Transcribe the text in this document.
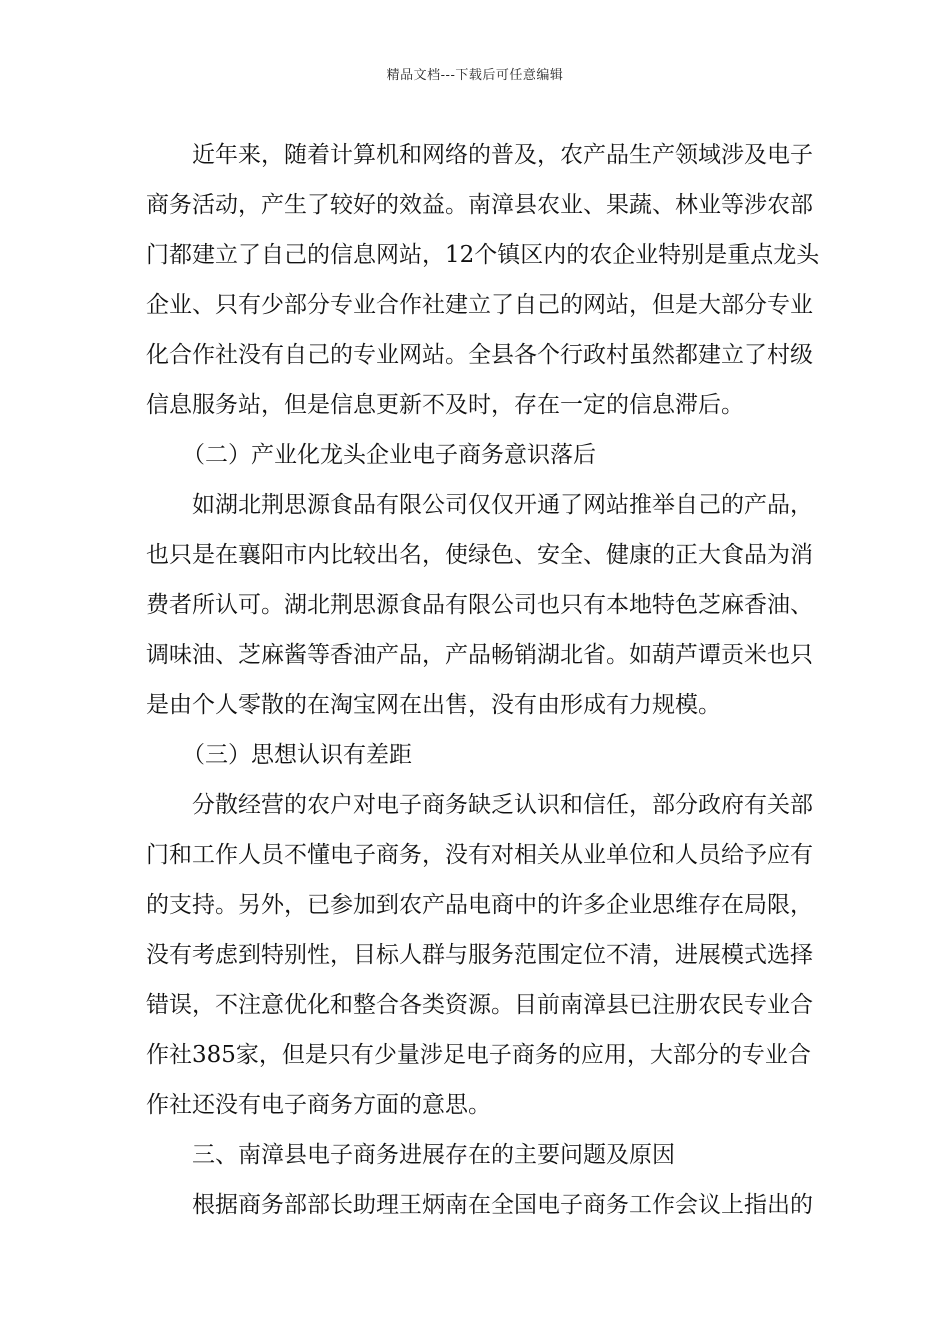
精品文档---下载后可任意编辑
近年来，随着计算机和网络的普及，农产品生产领域涉及电子
商务活动，产生了较好的效益。南漳县农业、果蔬、林业等涉农部
门都建立了自己的信息网站，12个镇区内的农企业特别是重点龙头
企业、只有少部分专业合作社建立了自己的网站，但是大部分专业
化合作社没有自己的专业网站。全县各个行政村虽然都建立了村级
信息服务站，但是信息更新不及时，存在一定的信息滞后。
（二）产业化龙头企业电子商务意识落后
如湖北荆思源食品有限公司仅仅开通了网站推举自己的产品，
也只是在襄阳市内比较出名，使绿色、安全、健康的正大食品为消
费者所认可。湖北荆思源食品有限公司也只有本地特色芝麻香油、
调味油、芝麻酱等香油产品，产品畅销湖北省。如葫芦谭贡米也只
是由个人零散的在淘宝网在出售，没有由形成有力规模。
（三）思想认识有差距
分散经营的农户对电子商务缺乏认识和信任，部分政府有关部
门和工作人员不懂电子商务，没有对相关从业单位和人员给予应有
的支持。另外，已参加到农产品电商中的许多企业思维存在局限，
没有考虑到特别性，目标人群与服务范围定位不清，进展模式选择
错误，不注意优化和整合各类资源。目前南漳县已注册农民专业合
作社385家，但是只有少量涉足电子商务的应用，大部分的专业合
作社还没有电子商务方面的意思。
三、南漳县电子商务进展存在的主要问题及原因
根据商务部部长助理王炳南在全国电子商务工作会议上指出的
